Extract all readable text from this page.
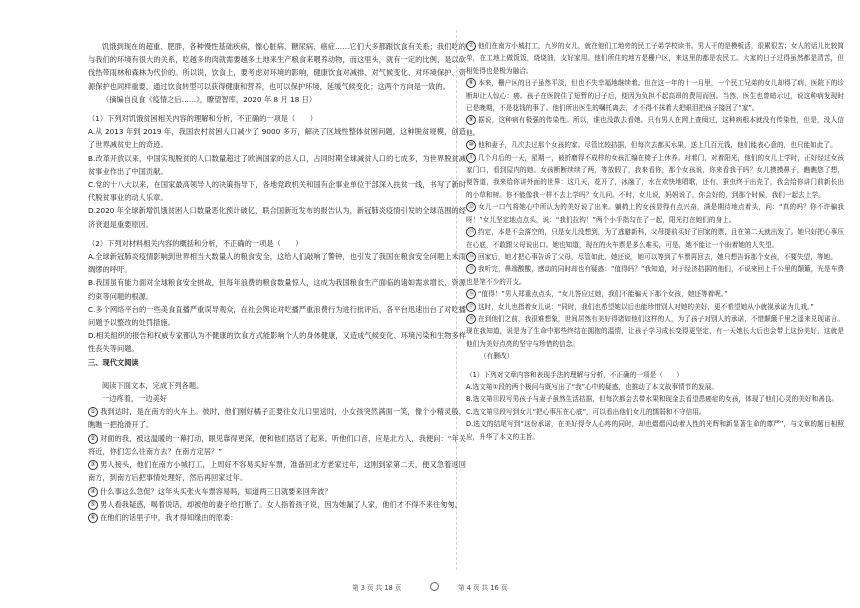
饥饿到现在的超重、肥胖，各种慢性基础疾病，像心脏病、糖尿病、癌症……它们大多都跟饮食有关系；我们吃的与我们的环境有很大的关系，吃越多的肉就需要越多土地来生产粮食来喂养动物，而这里头，就有一定的比例，是以砍伐热带雨林和森林为代价的。所以说，饮食上，要考虑对环境的影响，健康饮食对减排、对气候变化、对环境保护、资源保护也同样重要，通过饮食转型可以获得健康和营养，也可以保护环境，延缓气候变化；这两个方向是一致的。

（摘编自良食《疫情之后……》，瞭望智库，2020 年 8 月 18 日）

（1）下列对饥饿贫困相关内容的理解和分析，不正确的一项是（　　）

A.从 2013 年到 2019 年，我国农村贫困人口减少了 9000 多万，解决了区域性整体贫困问题，这种脱贫规模，创造了世界减贫史上的奇迹。

B.改革开放以来，中国实现脱贫的人口数量超过了欧洲国家的总人口，占同时期全球减贫人口的七成多，为世界脱贫减贫事业作出了中国贡献。

C.党的十八大以来，在国家最高领导人的决策指导下，各地党政机关和国有企事业单位干部深入扶贫一线，书写了新时代脱贫事业的动人乐章。

D.2020 年全球新增饥饿贫困人口数量恶化预计破亿，联合国新近发布的报告认为，新冠肺炎疫情引发的全球范围的经济衰退是重要原因。

（2）下列对材料相关内容的概括和分析，不正确的一项是（　　）

A.全球新冠肺炎疫情影响到世界相当大数量人的粮食安全，这给人们敲响了警钟，也引发了我国在粮食安全问题上未雨绸缪的呼吁。

B.我国虽有能力面对全球粮食安全挑战，但每年浪费的粮食数量惊人，这成为我国粮食生产面临的诸如需求增长、资源约束等问题的根源。

C.多个网络平台的一些美食直播严重误导观众，在社会舆论对吃播严重浪费行为进行批评后，各平台迅速出台了对吃播问题予以整改的处罚措施。

D.相关组织的报告和权威专家都认为不健康的饮食方式能影响个人的身体健康，又造成气候变化、环境污染和生物多样性丧失等问题。

三、现代文阅读

阅读下面文本，完成下列各题。

一边疼着，一边美好

① 我到达时，是在南方的火车上。彼时，他们刚好橘子正要往女儿口里送时，小女孩突然满面一笑，像个小精灵般，瞧瞧一把抢滑开了。

② 对面的我，被这温暖的一幕打动，眼见靠得更深，便和他们搭话了起来。听他们口音，应是北方人，我便问：“年关将近，你们怎么往南方去？在南方定居？”

③ 男人接头，他们在南方小城打工，上周好不容易买好车票，准备回北方老家过年，这刚到家第二天，便又急着返回南方，到南方后把事情处理好，然后再回家过年。

④ 什么事这么急促？这年头买张火车票容易吗，知道两三日就要来回奔波？

⑤ 男人看我疑惑，喝着说话，却被他的妻子给打断了。女人指着孩子说，因为她漏了人家，他们才不得不来往匆匆。

⑥ 在他们的话里子中，我才得知缘由的原委：

⑦ 他们在南方小城打工，九岁的女儿，就在他们工地旁的民工子弟学校读书。男人干的是模板活，很累很苦；女人的话儿比较简单，在工地上做饭饭，烧烧油，支好家用。他们所住的地方是栅户区，来这里的都是农民工。大家的日子过得虽然都是清苦，但相处得也是极为融洽。

⑧ 本来，栅户区的日子虽然平淡，但也不失幸福地继续着。但在这一年的十一月里，一个民工兄弟的女儿却得了病，医院下的诊断却让人惊心：癌。孩子在医院住了短暂的日子后，便因为负担不起高昂的费用而回。当然，医生也曾暗示过，说这种病发现时已是晚期，不是花钱的事了。他们所出医生的嘱托离去，才不得不抹着大把眼泪把孩子接回了“家”。

⑨ 据说，这种病有极强的传染性。所以，谁也没敢去看她。只有男人在网上查阅过，这种病根本就没有传染性，但是，没人信他。

⑩ 他和妻子，几次去过那个女孩的家。尽管比较拮据，但每次去都买水果，送上几百元钱，他们能表心意的，也只能如此了。

⑪ 几个月后的一天，星期一，被折磨得不成样的女孩汇编在椅子上休养。对着门，对着阳光，他们的女儿上学时，正好经过女孩家门口，看到屋内的她。女孩断断续续了两，等放假了，我来看你，那个女孩说，你来看我干吗？女儿摸摸鼻子，瞧瞧您了想，便答道，我来给你讲外面的世界：这几天，花开了，冰融了，水在欢快地唱歌，还有，蚕虫终于出壳了，我会给你讲门前新长出的小草和树。你不能像我一样不去上学吗？女儿问。不时，女儿说，妈妈说了，你会好的，到那个时候，我们一起去上学。

⑫ 女儿一口气将她心中所认为的美好说了出来。躺椅上的女孩显得有点兴奋，满是期待地点着头，问：“真的吗？你不许骗我呀！”女儿坚定地点点头，说：“我们拉钩！”两个小手指勾在了一起，阳光打在她们的身上。

⑬ 约定，本是不会落空的，只是女儿没想到，为了逃避新科，父母提前买好了回家的票，且在第二天就出发了。她只好把心事压在心底，不敢跟父母说出口。她也知道，现在的火车票是多么难买，可是，她不能让一个盼着她的人失望。

⑭ 回家后，她才把心事告诉了父母，尽管如此，她还说，她可以等到了车票再回去，她只想告诉那个女孩，不要失望，等她。

⑮ 我听完，鼻端酸酸，感动的同时却也有疑惑：“值得吗？”我知道，对于经济拮据的他们，不说来回上千公里的颠簸，光是车费也是笔不少的开支。

⑯ “值得！”男人郑重点点头，“女儿答应过她，我们不能骗天下那个女孩，她还等着呢。”

⑰ 这时，女儿也指着女儿说：“同时，我们也希望她以后也能珍惜别人对她的美好，更不希望她从小就视承诺为儿戏。”

⑱ 在到他们之前，我很难想象，世间居然有美好得诸如他们这样的人，为了孩子对别人的承诺，不惜颠簸千里之遥来兑现诺言。现在我知道，说是为了生命中那些终结在拥抱的温情，让孩子学习成长变得更坚定，有一天她长大后也会带上这份美好，这就是他们为美好点亮的坚守与珍惜的信念。

（有删改）

（1）下列对文章内容和表现手法的理解与分析，不正确的一项是（　　）

A.选文第①段的两个极问与既写出了“我”心中的疑惑，也推动了本文故事情节的发展。

B.选文第⑪段写男孩子与妻子虽然生活拮据，但每次都会去带水果和现金去看望患癌症的女孩，体现了他们心灵的美好和善良。

C.选文第⑫段写到女儿“把心事压在心底”，可以看出他们女儿的懦弱和不守信用。

D.选文的结尾写到“这份承诺，在美好得令人心疼的同时，却也熠熠闪动着人性的光辉和新显著生命的尊严”，与文章的题目相照应，升华了本文的主旨。

第 3 页 共 18 页	第 4 页 共 16 页
